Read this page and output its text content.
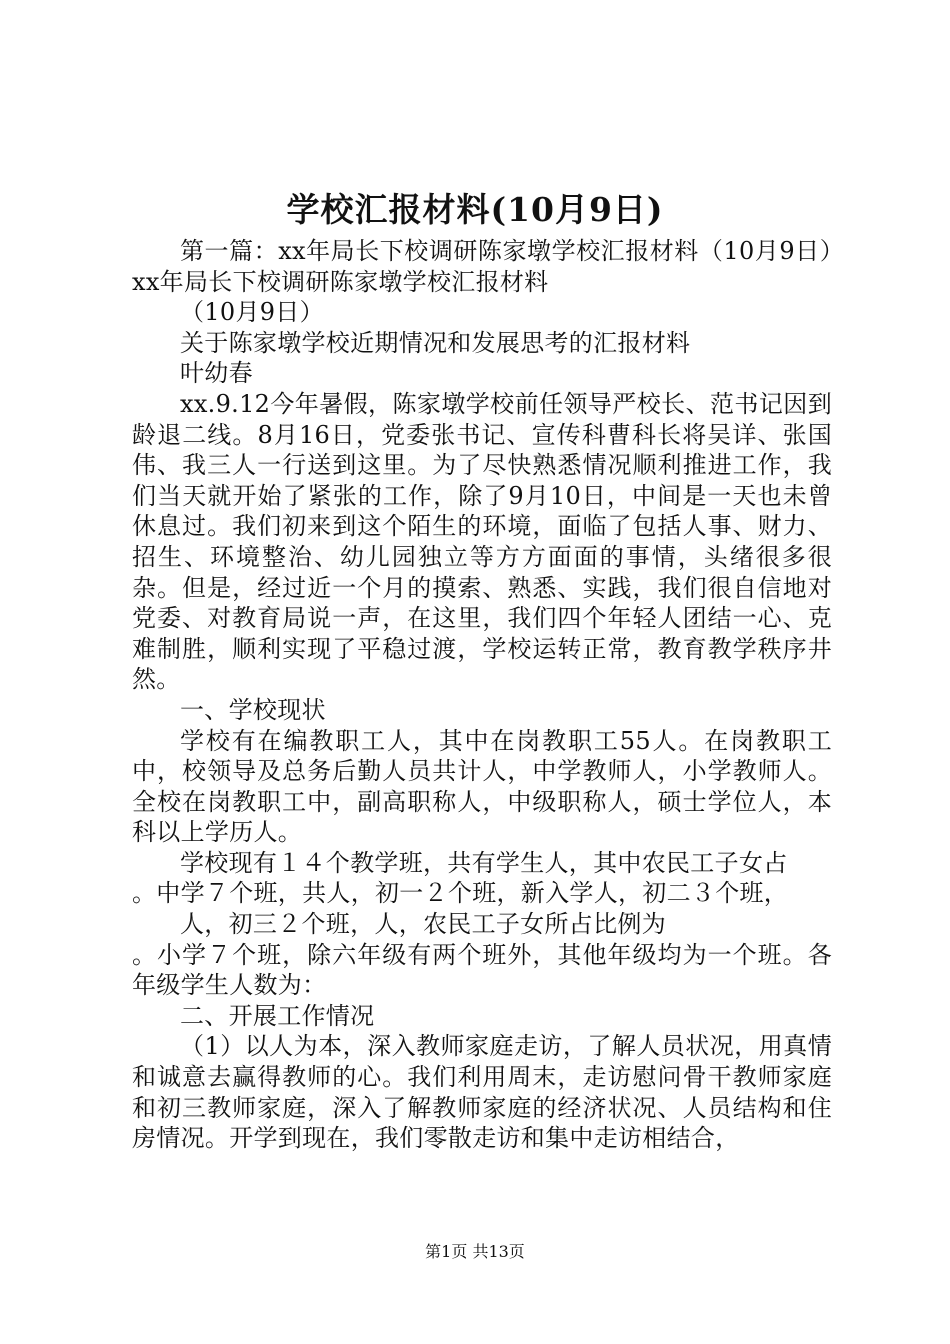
学校汇报材料(10月9日)

第一篇：xx年局长下校调研陈家墩学校汇报材料（10月9日）xx年局长下校调研陈家墩学校汇报材料

（10月9日）

关于陈家墩学校近期情况和发展思考的汇报材料

叶幼春

xx.9.12今年暑假，陈家墩学校前任领导严校长、范书记因到龄退二线。8月16日，党委张书记、宣传科曹科长将吴详、张国伟、我三人一行送到这里。为了尽快熟悉情况顺利推进工作，我们当天就开始了紧张的工作，除了9月10日，中间是一天也未曾休息过。我们初来到这个陌生的环境，面临了包括人事、财力、招生、环境整治、幼儿园独立等方方面面的事情，头绪很多很杂。但是，经过近一个月的摸索、熟悉、实践，我们很自信地对党委、对教育局说一声，在这里，我们四个年轻人团结一心、克难制胜，顺利实现了平稳过渡，学校运转正常，教育教学秩序井然。

一、学校现状

学校有在编教职工人，其中在岗教职工55人。在岗教职工中，校领导及总务后勤人员共计人，中学教师人，小学教师人。全校在岗教职工中，副高职称人，中级职称人，硕士学位人，本科以上学历人。

学校现有１４个教学班，共有学生人，其中农民工子女占

。中学７个班，共人，初一２个班，新入学人，初二３个班，

人，初三２个班，人，农民工子女所占比例为

。小学７个班，除六年级有两个班外，其他年级均为一个班。各年级学生人数为：

二、开展工作情况

（1）以人为本，深入教师家庭走访，了解人员状况，用真情和诚意去赢得教师的心。我们利用周末，走访慰问骨干教师家庭和初三教师家庭，深入了解教师家庭的经济状况、人员结构和住房情况。开学到现在，我们零散走访和集中走访相结合，

第1页 共13页
